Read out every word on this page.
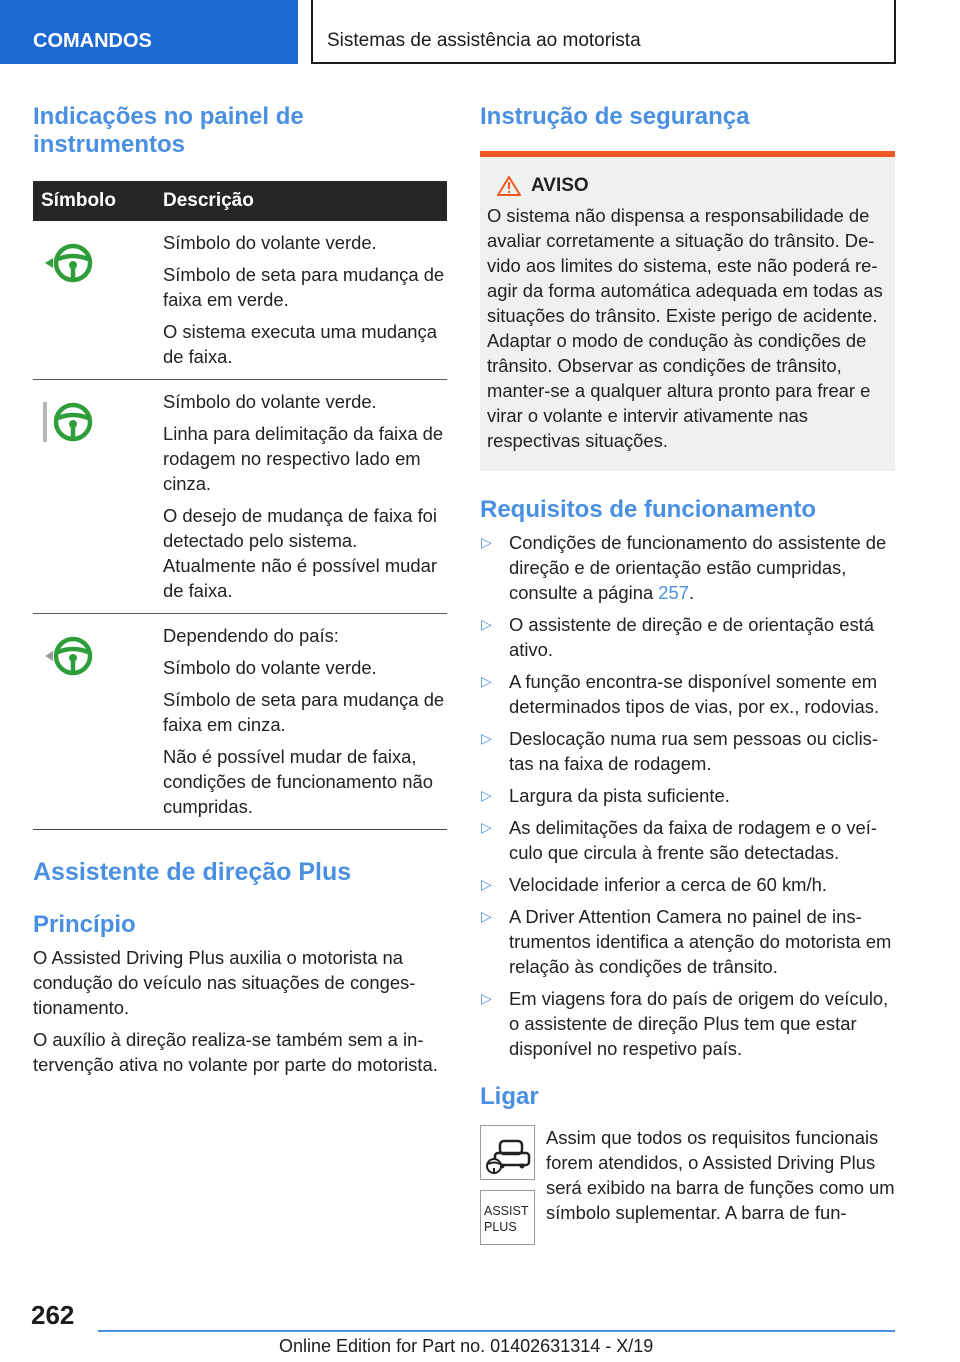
COMANDOS	Sistemas de assistência ao motorista
Indicações no painel de instrumentos
Símbolo	Descrição
Símbolo do volante verde.
Símbolo de seta para mudança de faixa em verde.
O sistema executa uma mudança de faixa.
Símbolo do volante verde.
Linha para delimitação da faixa de rodagem no respectivo lado em cinza.
O desejo de mudança de faixa foi detectado pelo sistema. Atualmente não é possível mudar de faixa.
Dependendo do país:
Símbolo do volante verde.
Símbolo de seta para mudança de faixa em cinza.
Não é possível mudar de faixa, condições de funcionamento não cumpridas.
Assistente de direção Plus
Princípio
O Assisted Driving Plus auxilia o motorista na condução do veículo nas situações de congestionamento.
O auxílio à direção realiza-se também sem a intervenção ativa no volante por parte do motorista.
Instrução de segurança
AVISO
O sistema não dispensa a responsabilidade de avaliar corretamente a situação do trânsito. Devido aos limites do sistema, este não poderá reagir da forma automática adequada em todas as situações do trânsito. Existe perigo de acidente. Adaptar o modo de condução às condições de trânsito. Observar as condições de trânsito, manter-se a qualquer altura pronto para frear e virar o volante e intervir ativamente nas respectivas situações.
Requisitos de funcionamento
▷ Condições de funcionamento do assistente de direção e de orientação estão cumpridas, consulte a página 257.
▷ O assistente de direção e de orientação está ativo.
▷ A função encontra-se disponível somente em determinados tipos de vias, por ex., rodovias.
▷ Deslocação numa rua sem pessoas ou ciclistas na faixa de rodagem.
▷ Largura da pista suficiente.
▷ As delimitações da faixa de rodagem e o veículo que circula à frente são detectadas.
▷ Velocidade inferior a cerca de 60 km/h.
▷ A Driver Attention Camera no painel de instrumentos identifica a atenção do motorista em relação às condições de trânsito.
▷ Em viagens fora do país de origem do veículo, o assistente de direção Plus tem que estar disponível no respetivo país.
Ligar
ASSIST
PLUS
Assim que todos os requisitos funcionais forem atendidos, o Assisted Driving Plus será exibido na barra de funções como um símbolo suplementar. A barra de fun-
262
Online Edition for Part no. 01402631314 - X/19
